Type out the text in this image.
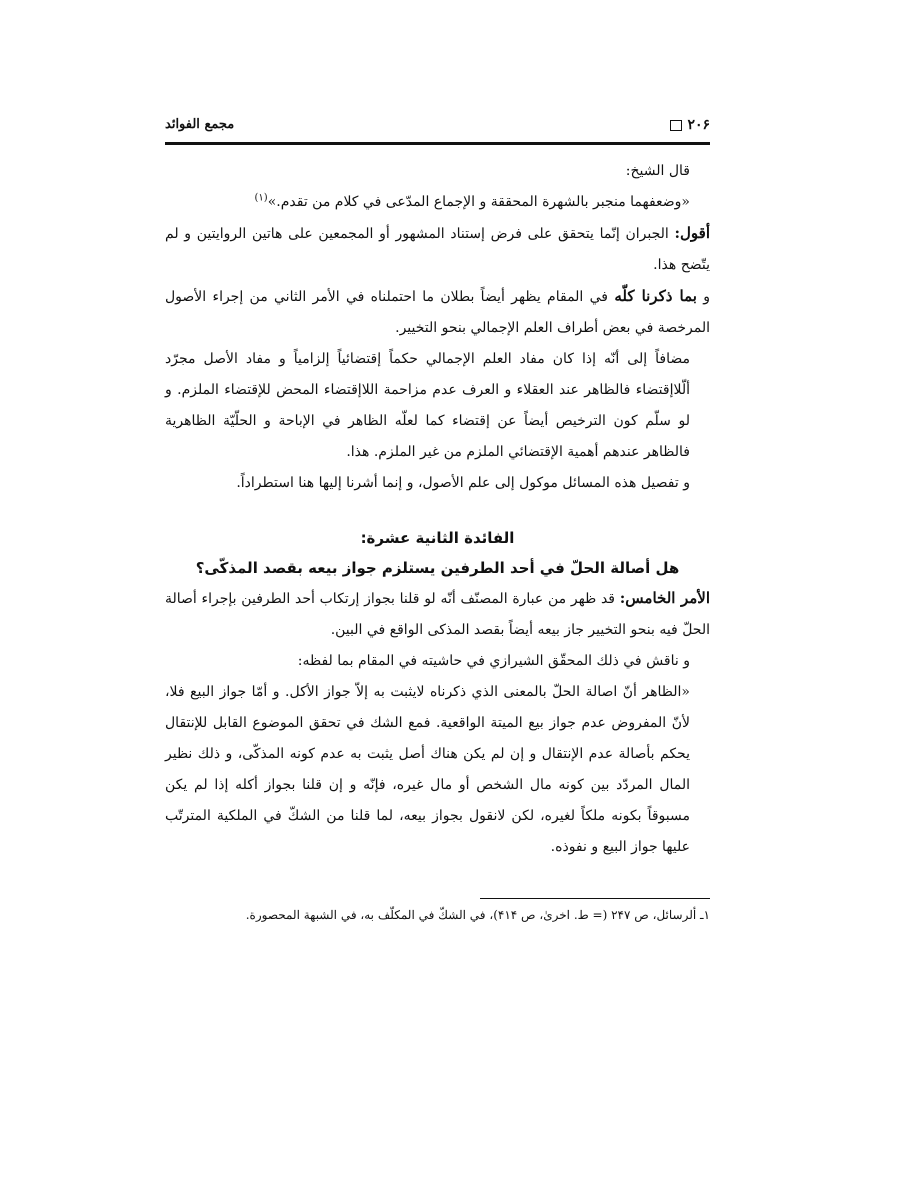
۲۰۶
مجمع الفوائد

قال الشيخ:

«وضعفهما منجبر بالشهرة المحققة و الإجماع المدّعى في كلام من تقدم.»$^{(۱)}$

أقول: الجبران إنّما يتحقق على فرض إستناد المشهور أو المجمعين على هاتين الروايتين و لم يتّضح هذا.

و بما ذكرنا كلّه في المقام يظهر أيضاً بطلان ما احتملناه في الأمر الثاني من إجراء الأصول المرخصة في بعض أطراف العلم الإجمالي بنحو التخيير.

مضافاً إلى أنّه إذا كان مفاد العلم الإجمالي حكماً إقتضائياً إلزامياً و مفاد الأصل مجرّد ألّلاإقتضاء فالظاهر عند العقلاء و العرف عدم مزاحمة اللاإقتضاء المحض للإقتضاء الملزم. و لو سلّم كون الترخيص أيضاً عن إقتضاء كما لعلّه الظاهر في الإباحة و الحلّيّة الظاهرية فالظاهر عندهم أهمية الإقتضائي الملزم من غير الملزم. هذا.

و تفصيل هذه المسائل موكول إلى علم الأصول، و إنما أشرنا إليها هنا استطراداً.

الفائدة الثانية عشرة:
هل أصالة الحلّ في أحد الطرفين يستلزم جواز بيعه بقصد المذكّى؟

الأمر الخامس: قد ظهر من عبارة المصنّف أنّه لو قلنا بجواز إرتكاب أحد الطرفين بإجراء أصالة الحلّ فيه بنحو التخيير جاز بيعه أيضاً بقصد المذكى الواقع في البين.

و ناقش في ذلك المحقّق الشيرازي في حاشيته في المقام بما لفظه:

«الظاهر أنّ اصالة الحلّ بالمعنى الذي ذكرناه لايثبت به إلاّ جواز الأكل. و أمّا جواز البيع فلا، لأنّ المفروض عدم جواز بيع الميتة الواقعية. فمع الشك في تحقق الموضوع القابل للإنتقال يحكم بأصالة عدم الإنتقال و إن لم يكن هناك أصل يثبت به عدم كونه المذكّى، و ذلك نظير المال المردّد بين كونه مال الشخص أو مال غيره، فإنّه و إن قلنا بجواز أكله إذا لم يكن مسبوقاً بكونه ملكاً لغيره، لكن لانقول بجواز بيعه، لما قلنا من الشكّ في الملكية المترتّب عليها جواز البيع و نفوذه.

۱ـ ألرسائل، ص ۲۴۷ (= ط. اخرىٰ، ص ۴۱۴)، في الشكّ في المكلّف به، في الشبهة المحصورة.
